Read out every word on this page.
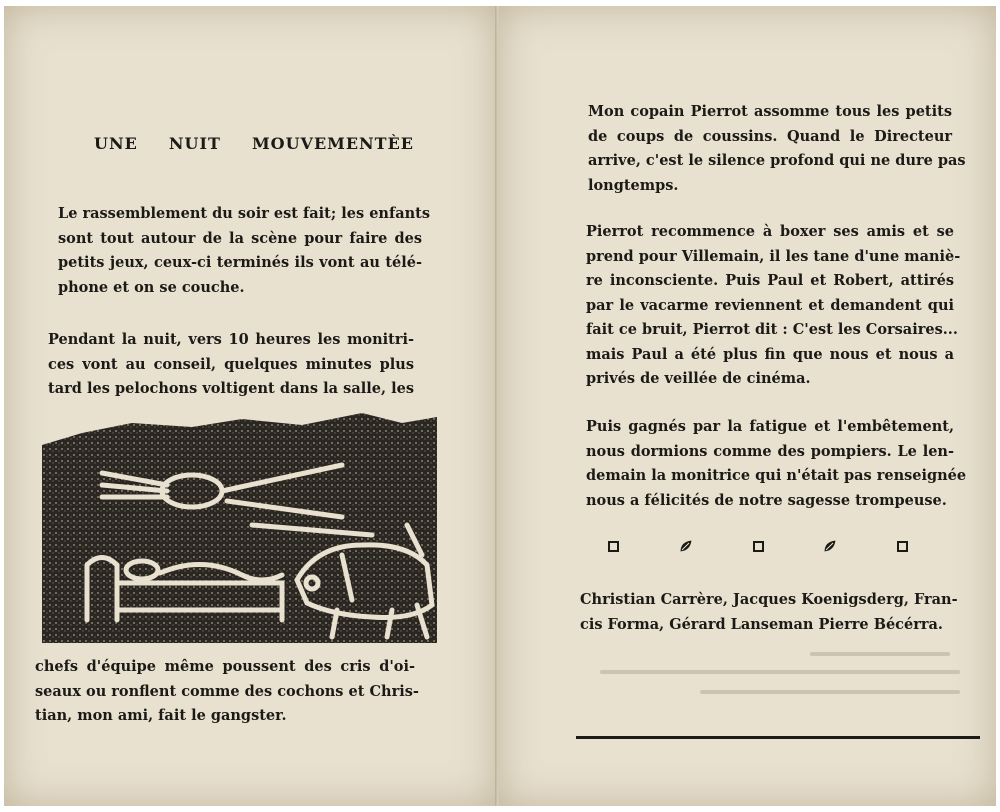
UNE NUIT MOUVEMENTÈE

Le rassemblement du soir est fait; les enfants
sont tout autour de la scène pour faire des
petits jeux, ceux-ci terminés ils vont au télé-
phone et on se couche.

Pendant la nuit, vers 10 heures les monitri-
ces vont au conseil, quelques minutes plus
tard les pelochons voltigent dans la salle, les

chefs d'équipe même poussent des cris d'oi-
seaux ou ronflent comme des cochons et Chris-
tian, mon ami, fait le gangster.

Mon copain Pierrot assomme tous les petits
de coups de coussins. Quand le Directeur
arrive, c'est le silence profond qui ne dure pas
longtemps.

Pierrot recommence à boxer ses amis et se
prend pour Villemain, il les tane d'une maniè-
re inconsciente. Puis Paul et Robert, attirés
par le vacarme reviennent et demandent qui
fait ce bruit, Pierrot dit : C'est les Corsaires...
mais Paul a été plus fin que nous et nous a
privés de veillée de cinéma.

Puis gagnés par la fatigue et l'embêtement,
nous dormions comme des pompiers. Le len-
demain la monitrice qui n'était pas renseignée
nous a félicités de notre sagesse trompeuse.

Christian Carrère, Jacques Koenigsderg, Fran-
cis Forma, Gérard Lanseman Pierre Bécérra.
